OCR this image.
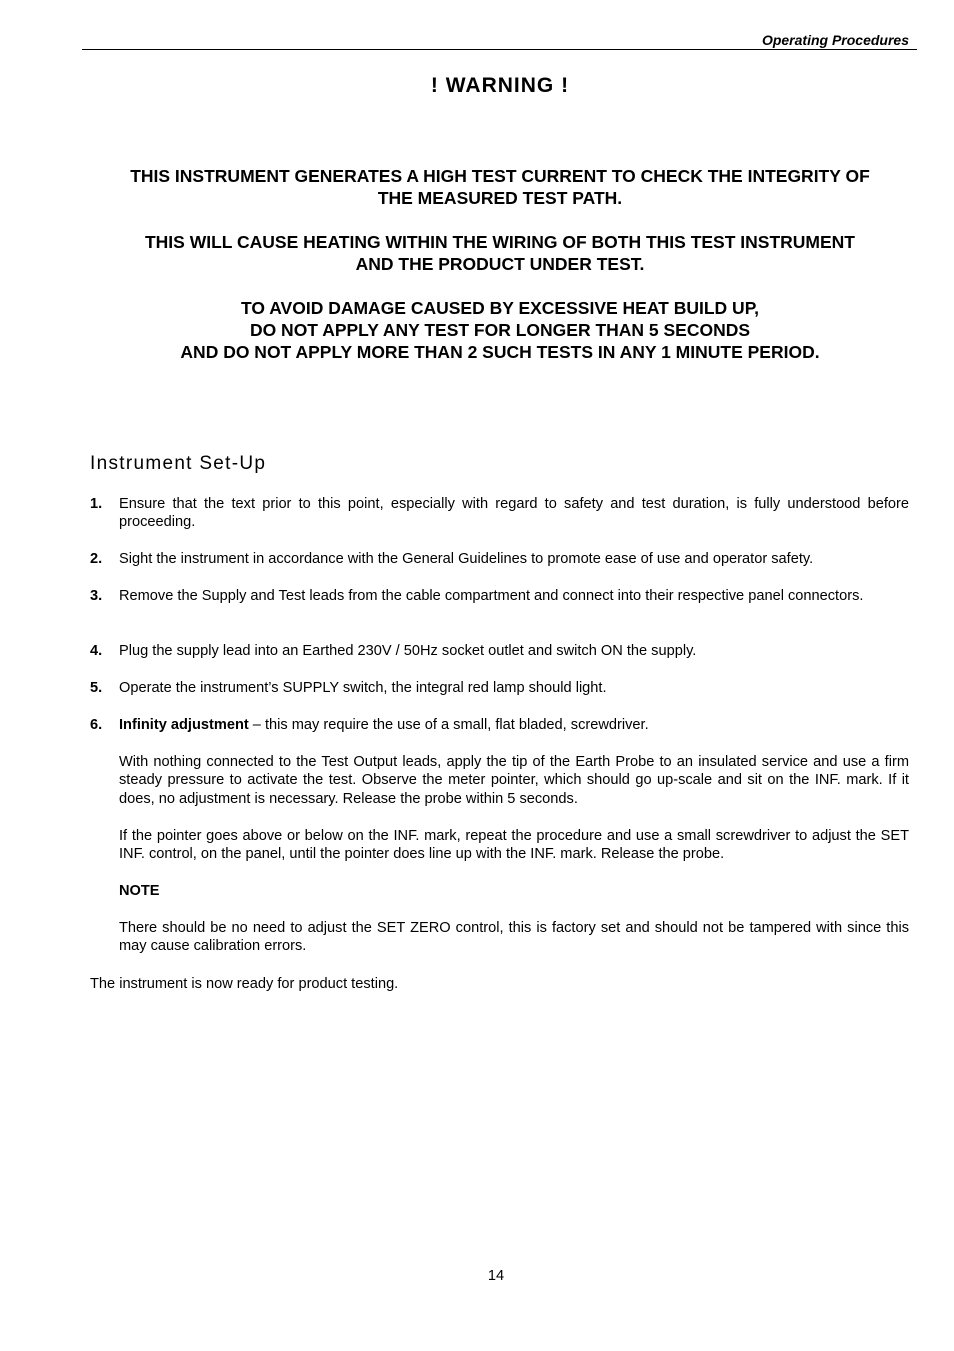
Operating Procedures
! WARNING !
THIS INSTRUMENT GENERATES A HIGH TEST CURRENT TO CHECK THE INTEGRITY OF
THE MEASURED TEST PATH.
THIS WILL CAUSE HEATING WITHIN THE WIRING OF BOTH THIS TEST INSTRUMENT
AND THE PRODUCT UNDER TEST.
TO AVOID DAMAGE CAUSED BY EXCESSIVE HEAT BUILD UP,
DO NOT APPLY ANY TEST FOR LONGER THAN 5 SECONDS
AND DO NOT APPLY MORE THAN 2 SUCH TESTS IN ANY 1 MINUTE PERIOD.
Instrument Set-Up
1. Ensure that the text prior to this point, especially with regard to safety and test duration, is fully understood before proceeding.
2. Sight the instrument in accordance with the General Guidelines to promote ease of use and operator safety.
3. Remove the Supply and Test leads from the cable compartment and connect into their respective panel connectors.
4. Plug the supply lead into an Earthed 230V / 50Hz socket outlet and switch ON the supply.
5. Operate the instrument’s SUPPLY switch, the integral red lamp should light.
6. Infinity adjustment – this may require the use of a small, flat bladed, screwdriver.
With nothing connected to the Test Output leads, apply the tip of the Earth Probe to an insulated service and use a firm steady pressure to activate the test. Observe the meter pointer, which should go up-scale and sit on the INF. mark. If it does, no adjustment is necessary. Release the probe within 5 seconds.
If the pointer goes above or below on the INF. mark, repeat the procedure and use a small screwdriver to adjust the SET INF. control, on the panel, until the pointer does line up with the INF. mark. Release the probe.
NOTE
There should be no need to adjust the SET ZERO control, this is factory set and should not be tampered with since this may cause calibration errors.
The instrument is now ready for product testing.
14
